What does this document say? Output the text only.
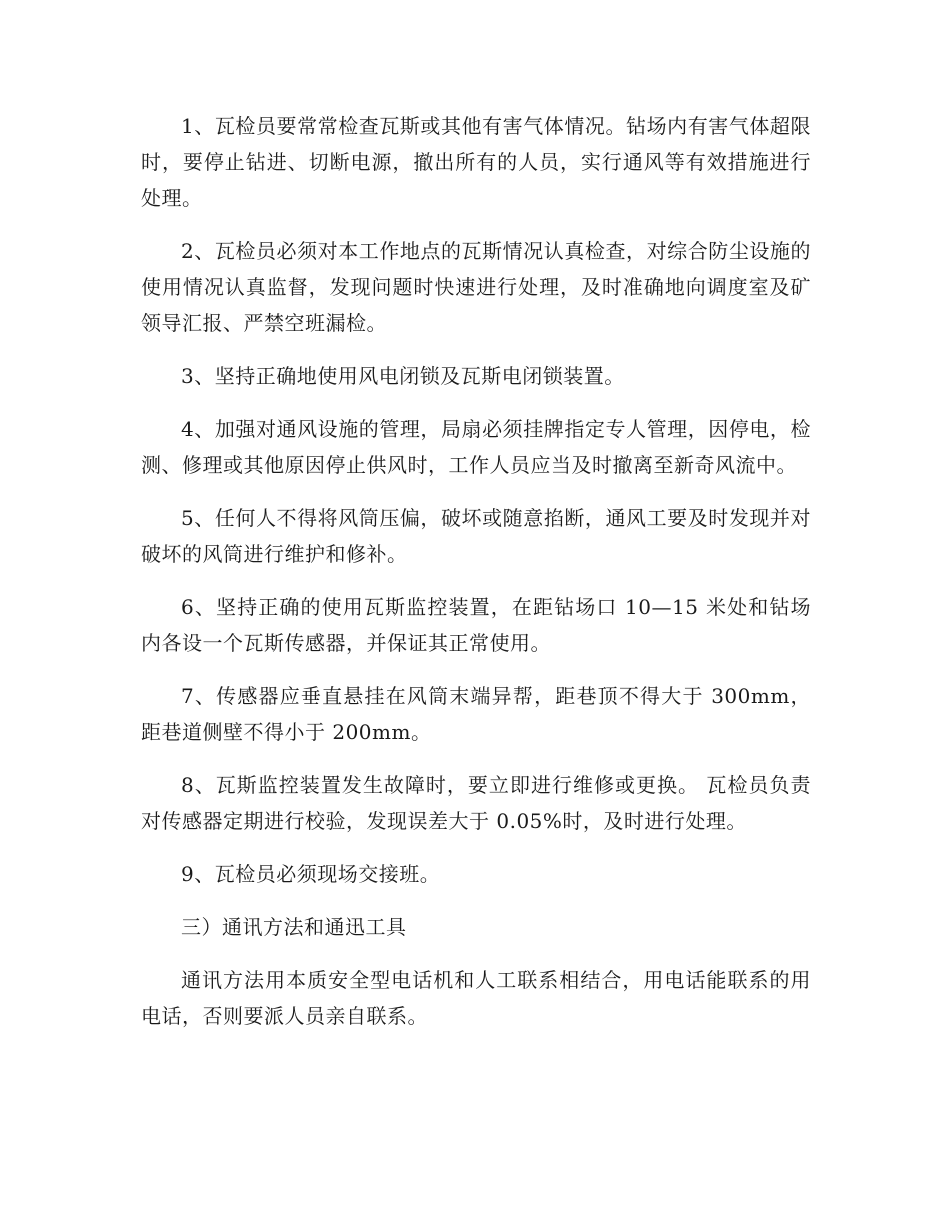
1、瓦检员要常常检查瓦斯或其他有害气体情况。钻场内有害气体超限时，要停止钻进、切断电源，撤出所有的人员，实行通风等有效措施进行处理。

2、瓦检员必须对本工作地点的瓦斯情况认真检查，对综合防尘设施的使用情况认真监督，发现问题时快速进行处理，及时准确地向调度室及矿领导汇报、严禁空班漏检。

3、坚持正确地使用风电闭锁及瓦斯电闭锁装置。

4、加强对通风设施的管理，局扇必须挂牌指定专人管理，因停电，检测、修理或其他原因停止供风时，工作人员应当及时撤离至新奇风流中。

5、任何人不得将风筒压偏，破坏或随意掐断，通风工要及时发现并对破坏的风筒进行维护和修补。

6、坚持正确的使用瓦斯监控装置，在距钻场口 10—15 米处和钻场内各设一个瓦斯传感器，并保证其正常使用。

7、传感器应垂直悬挂在风筒末端异帮，距巷顶不得大于 300mm，距巷道侧壁不得小于 200mm。

8、瓦斯监控装置发生故障时，要立即进行维修或更换。 瓦检员负责对传感器定期进行校验，发现误差大于 0.05%时，及时进行处理。

9、瓦检员必须现场交接班。

三）通讯方法和通迅工具

通讯方法用本质安全型电话机和人工联系相结合，用电话能联系的用电话，否则要派人员亲自联系。
